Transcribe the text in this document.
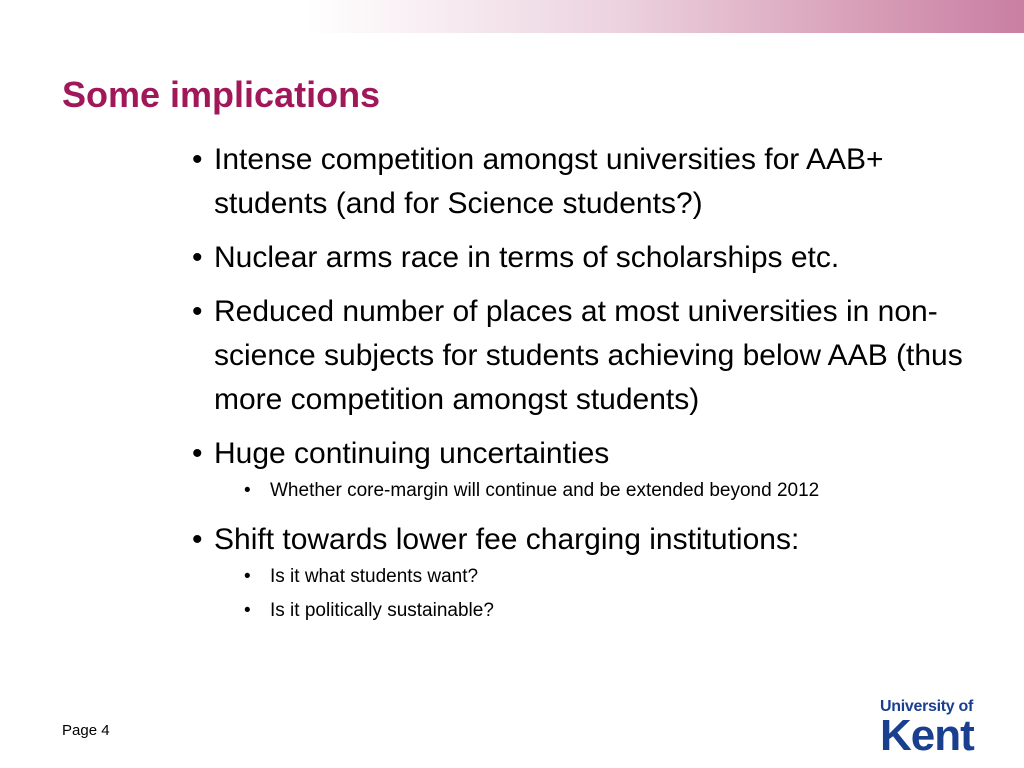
Some implications
• Intense competition amongst universities for AAB+ students (and for Science students?)
• Nuclear arms race in terms of scholarships etc.
• Reduced number of places at most universities in non-science subjects for students achieving below AAB (thus more competition amongst students)
• Huge continuing uncertainties
• Whether core-margin will continue and be extended beyond 2012
• Shift towards lower fee charging institutions:
• Is it what students want?
• Is it politically sustainable?
Page 4
University of
Kent
